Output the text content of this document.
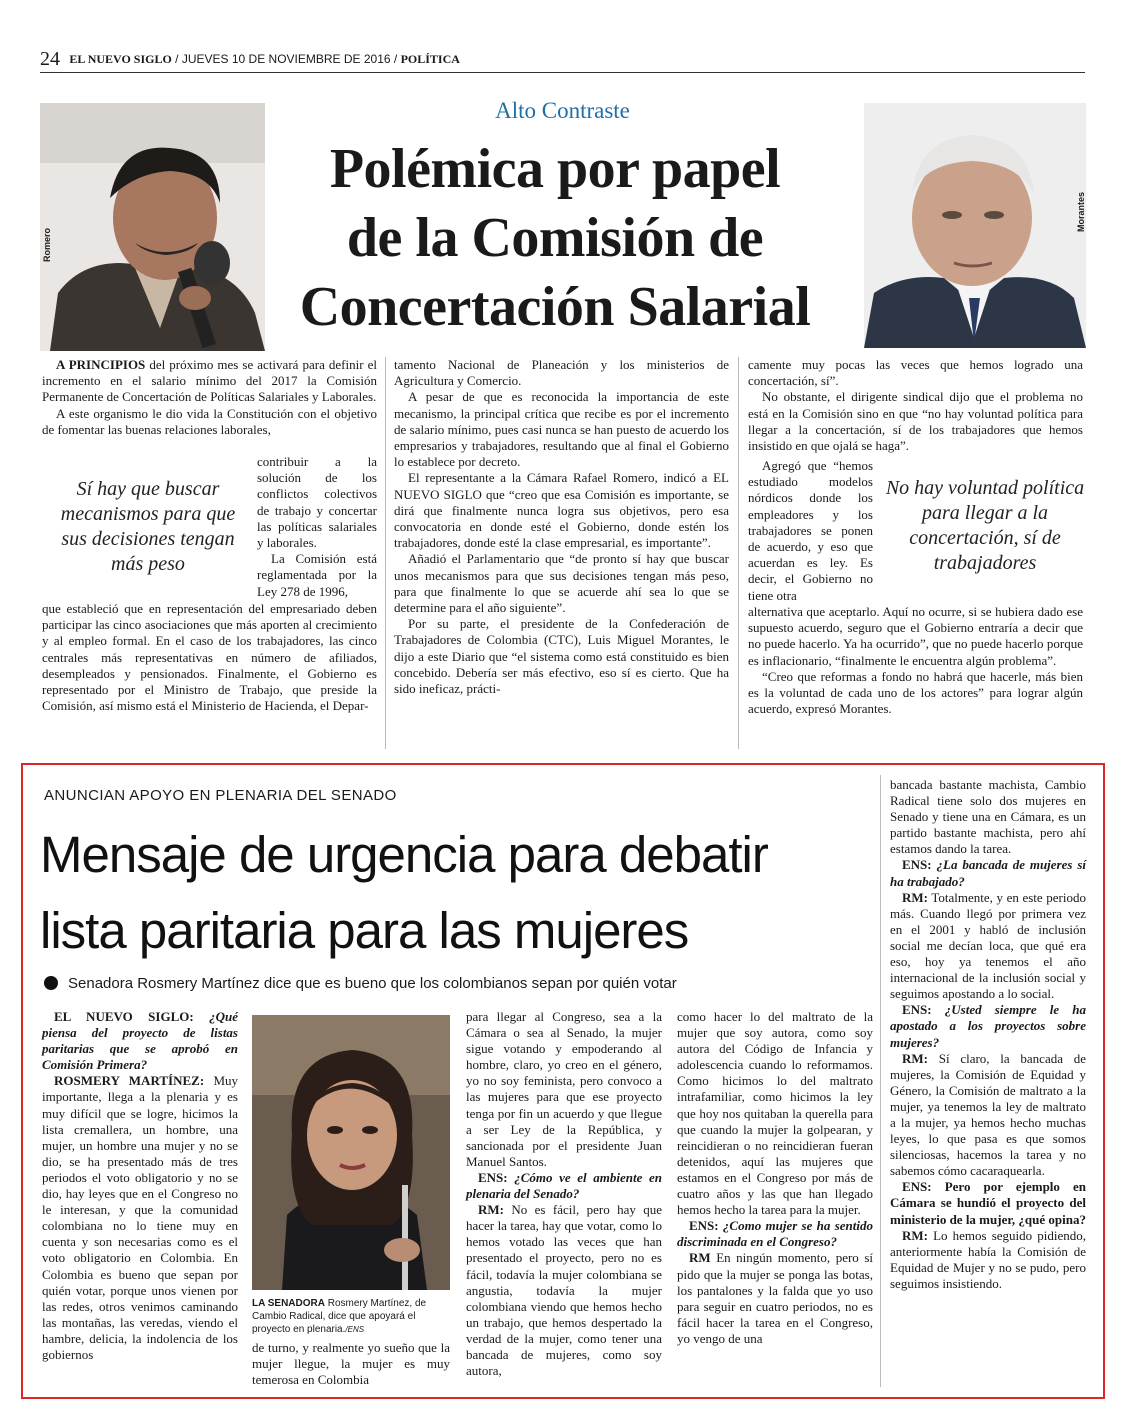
24 EL NUEVO SIGLO / JUEVES 10 DE NOVIEMBRE DE 2016 / POLÍTICA
Romero
Morantes
Alto Contraste
Polémica por papel
de la Comisión de
Concertación Salarial

A PRINCIPIOS del próximo mes se activará para definir el incremento en el salario mínimo del 2017 la Comisión Permanente de Concertación de Políticas Salariales y Laborales.

A este organismo le dio vida la Constitución con el objetivo de fomentar las buenas relaciones laborales,

contribuir a la solución de los conflictos colectivos de trabajo y concertar las políticas salariales y laborales.

La Comisión está reglamentada por la Ley 278 de 1996,

Sí hay que buscar mecanismos para que sus decisiones tengan más peso

que estableció que en representación del empresariado deben participar las cinco asociaciones que más aporten al crecimiento y al empleo formal. En el caso de los trabajadores, las cinco centrales más representativas en número de afiliados, desempleados y pensionados. Finalmente, el Gobierno es representado por el Ministro de Trabajo, que preside la Comisión, así mismo está el Ministerio de Hacienda, el Depar-

tamento Nacional de Planeación y los ministerios de Agricultura y Comercio.

A pesar de que es reconocida la importancia de este mecanismo, la principal crítica que recibe es por el incremento de salario mínimo, pues casi nunca se han puesto de acuerdo los empresarios y trabajadores, resultando que al final el Gobierno lo establece por decreto.

El representante a la Cámara Rafael Romero, indicó a EL NUEVO SIGLO que “creo que esa Comisión es importante, se dirá que finalmente nunca logra sus objetivos, pero esa convocatoria en donde esté el Gobierno, donde estén los trabajadores, donde esté la clase empresarial, es importante”.

Añadió el Parlamentario que “de pronto sí hay que buscar unos mecanismos para que sus decisiones tengan más peso, para que finalmente lo que se acuerde ahí sea lo que se determine para el año siguiente”.

Por su parte, el presidente de la Confederación de Trabajadores de Colombia (CTC), Luis Miguel Morantes, le dijo a este Diario que “el sistema como está constituido es bien concebido. Debería ser más efectivo, eso sí es cierto. Que ha sido ineficaz, prácti-

camente muy pocas las veces que hemos logrado una concertación, sí”.

No obstante, el dirigente sindical dijo que el problema no está en la Comisión sino en que “no hay voluntad política para llegar a la concertación, sí de los trabajadores que hemos insistido en que ojalá se haga”.

Agregó que “hemos estudiado modelos nórdicos donde los empleadores y los trabajadores se ponen de acuerdo, y eso que acuerdan es ley. Es decir, el Gobierno no tiene otra

No hay voluntad política para llegar a la concertación, sí de trabajadores

alternativa que aceptarlo. Aquí no ocurre, si se hubiera dado ese supuesto acuerdo, seguro que el Gobierno entraría a decir que no puede hacerlo. Ya ha ocurrido”, que no puede hacerlo porque es inflacionario, “finalmente le encuentra algún problema”.

“Creo que reformas a fondo no habrá que hacerle, más bien es la voluntad de cada uno de los actores” para lograr algún acuerdo, expresó Morantes.

ANUNCIAN APOYO EN PLENARIA DEL SENADO
Mensaje de urgencia para debatir
lista paritaria para las mujeres
Senadora Rosmery Martínez dice que es bueno que los colombianos sepan por quién votar

EL NUEVO SIGLO: ¿Qué piensa del proyecto de listas paritarias que se aprobó en Comisión Primera?

ROSMERY MARTÍNEZ: Muy importante, llega a la plenaria y es muy difícil que se logre, hicimos la lista cremallera, un hombre, una mujer, un hombre una mujer y no se dio, se ha presentado más de tres periodos el voto obligatorio y no se dio, hay leyes que en el Congreso no le interesan, y que la comunidad colombiana no lo tiene muy en cuenta y son necesarias como es el voto obligatorio en Colombia. En Colombia es bueno que sepan por quién votar, porque unos vienen por las redes, otros venimos caminando las montañas, las veredas, viendo el hambre, delicia, la indolencia de los gobiernos

LA SENADORA Rosmery Martínez, de Cambio Radical, dice que apoyará el proyecto en plenaria./ENS

de turno, y realmente yo sueño que la mujer llegue, la mujer es muy temerosa en Colombia

para llegar al Congreso, sea a la Cámara o sea al Senado, la mujer sigue votando y empoderando al hombre, claro, yo creo en el género, yo no soy feminista, pero convoco a las mujeres para que ese proyecto tenga por fin un acuerdo y que llegue a ser Ley de la República, y sancionada por el presidente Juan Manuel Santos.

ENS: ¿Cómo ve el ambiente en plenaria del Senado?

RM: No es fácil, pero hay que hacer la tarea, hay que votar, como lo hemos votado las veces que han presentado el proyecto, pero no es fácil, todavía la mujer colombiana se angustia, todavía la mujer colombiana viendo que hemos hecho un trabajo, que hemos despertado la verdad de la mujer, como tener una bancada de mujeres, como soy autora,

como hacer lo del maltrato de la mujer que soy autora, como soy autora del Código de Infancia y adolescencia cuando lo reformamos. Como hicimos lo del maltrato intrafamiliar, como hicimos la ley que hoy nos quitaban la querella para que cuando la mujer la golpearan, y reincidieran o no reincidieran fueran detenidos, aquí las mujeres que estamos en el Congreso por más de cuatro años y las que han llegado hemos hecho la tarea para la mujer.

ENS: ¿Como mujer se ha sentido discriminada en el Congreso?

RM En ningún momento, pero sí pido que la mujer se ponga las botas, los pantalones y la falda que yo uso para seguir en cuatro periodos, no es fácil hacer la tarea en el Congreso, yo vengo de una

bancada bastante machista, Cambio Radical tiene solo dos mujeres en Senado y tiene una en Cámara, es un partido bastante machista, pero ahí estamos dando la tarea.

ENS: ¿La bancada de mujeres sí ha trabajado?

RM: Totalmente, y en este periodo más. Cuando llegó por primera vez en el 2001 y habló de inclusión social me decían loca, que qué era eso, hoy ya tenemos el año internacional de la inclusión social y seguimos apostando a lo social.

ENS: ¿Usted siempre le ha apostado a los proyectos sobre mujeres?

RM: Sí claro, la bancada de mujeres, la Comisión de Equidad y Género, la Comisión de maltrato a la mujer, ya tenemos la ley de maltrato a la mujer, ya hemos hecho muchas leyes, lo que pasa es que somos silenciosas, hacemos la tarea y no sabemos cómo cacaraquearla.

ENS: Pero por ejemplo en Cámara se hundió el proyecto del ministerio de la mujer, ¿qué opina?

RM: Lo hemos seguido pidiendo, anteriormente había la Comisión de Equidad de Mujer y no se pudo, pero seguimos insistiendo.
